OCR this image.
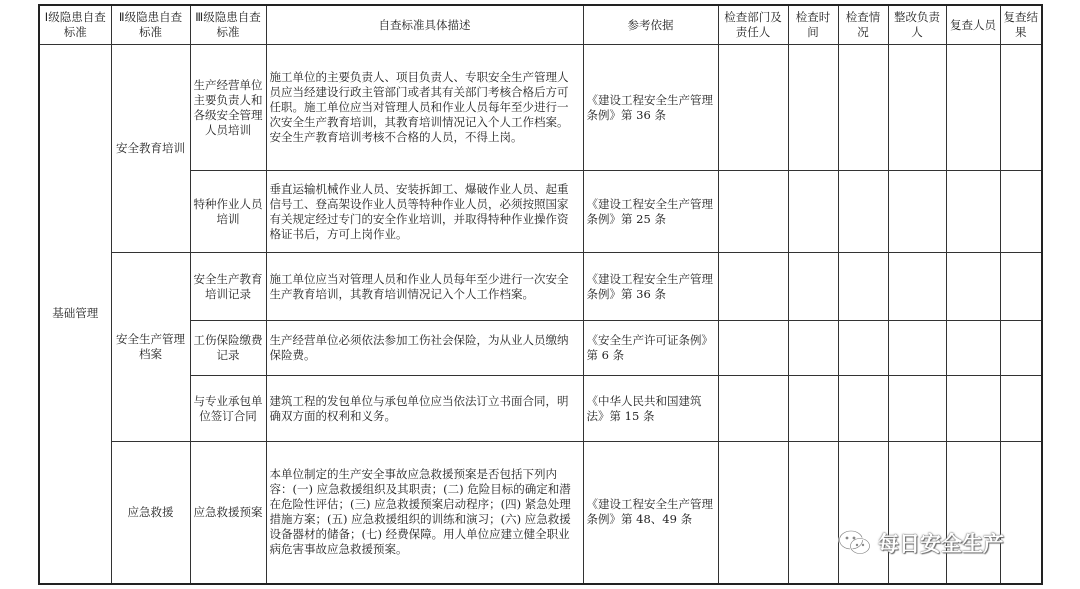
Ⅰ级隐患自查标准	Ⅱ级隐患自查标准	Ⅲ级隐患自查标准	自查标准具体描述	参考依据	检查部门及责任人	检查时间	检查情况	整改负责人	复查人员	复查结果
基础管理	安全教育培训	生产经营单位主要负责人和各级安全管理人员培训	施工单位的主要负责人、项目负责人、专职安全生产管理人员应当经建设行政主管部门或者其有关部门考核合格后方可任职。施工单位应当对管理人员和作业人员每年至少进行一次安全生产教育培训，其教育培训情况记入个人工作档案。安全生产教育培训考核不合格的人员，不得上岗。	《建设工程安全生产管理条例》第 36 条						
		特种作业人员培训	垂直运输机械作业人员、安装拆卸工、爆破作业人员、起重信号工、登高架设作业人员等特种作业人员，必须按照国家有关规定经过专门的安全作业培训，并取得特种作业操作资格证书后，方可上岗作业。	《建设工程安全生产管理条例》第 25 条						
	安全生产管理档案	安全生产教育培训记录	施工单位应当对管理人员和作业人员每年至少进行一次安全生产教育培训，其教育培训情况记入个人工作档案。	《建设工程安全生产管理条例》第 36 条						
		工伤保险缴费记录	生产经营单位必须依法参加工伤社会保险，为从业人员缴纳保险费。	《安全生产许可证条例》第 6 条						
		与专业承包单位签订合同	建筑工程的发包单位与承包单位应当依法订立书面合同，明确双方面的权利和义务。	《中华人民共和国建筑法》第 15 条						
	应急救援	应急救援预案	本单位制定的生产安全事故应急救援预案是否包括下列内容：(一) 应急救援组织及其职责；(二) 危险目标的确定和潜在危险性评估；(三) 应急救援预案启动程序；(四) 紧急处理措施方案；(五) 应急救援组织的训练和演习；(六) 应急救援设备器材的储备；(七) 经费保障。用人单位应建立健全职业病危害事故应急救援预案。	《建设工程安全生产管理条例》第 48、49 条						
每日安全生产
